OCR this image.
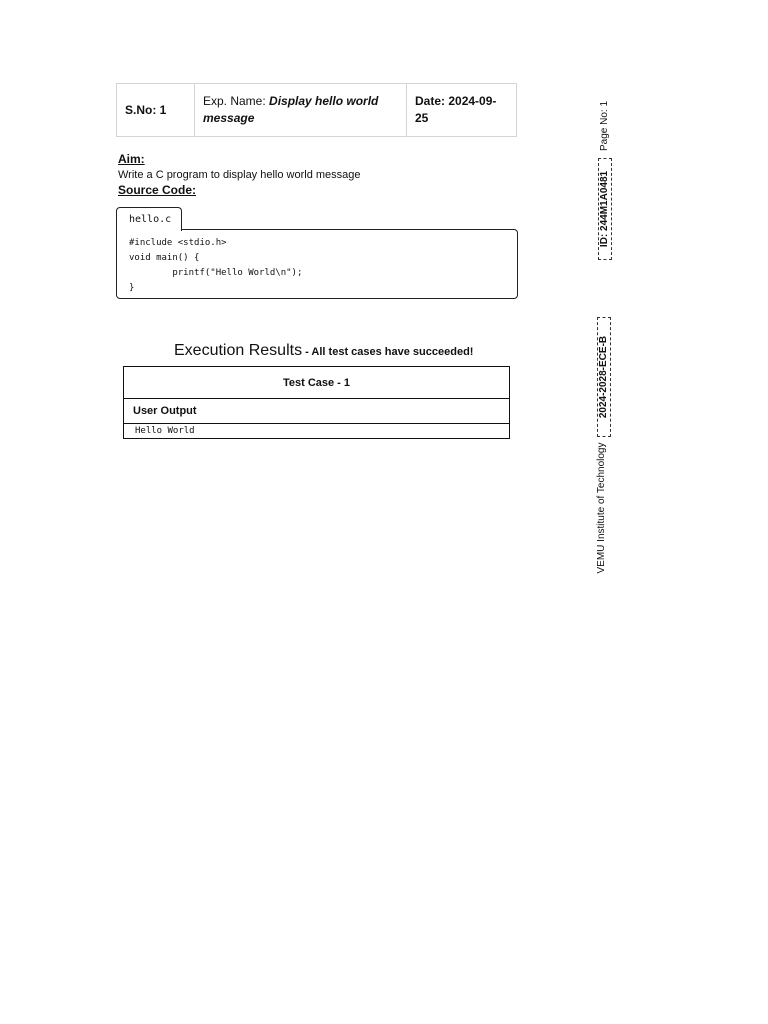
S.No: 1	Exp. Name: Display hello world message	Date: 2024-09-25
Aim:
Write a C program to display hello world message
Source Code:
hello.c
#include <stdio.h>
void main() {
printf("Hello World\n");
}
Execution Results - All test cases have succeeded!
Test Case - 1
User Output
Hello World
Page No: 1
ID: 244M1A0481
2024-2028-ECE-B
VEMU Institute of Technology
